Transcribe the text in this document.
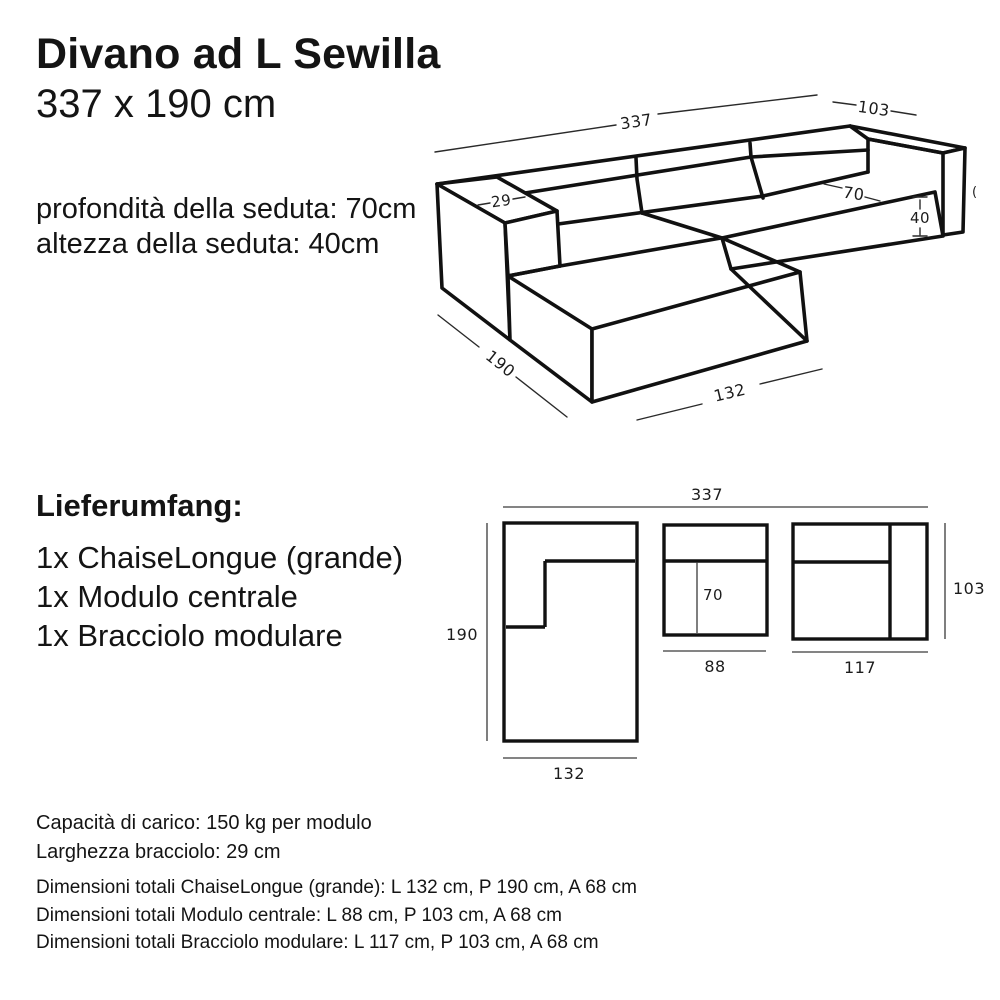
Divano ad L Sewilla
337 x 190 cm
profondità della seduta: 70cm
altezza della seduta: 40cm
Lieferumfang:
1x ChaiseLongue (grande)
1x Modulo centrale
1x Bracciolo modulare
Capacità di carico: 150 kg per modulo
Larghezza bracciolo: 29 cm
Dimensioni totali ChaiseLongue (grande): L 132 cm, P 190 cm, A 68 cm
Dimensioni totali Modulo centrale: L 88 cm, P 103 cm, A 68 cm
Dimensioni totali Bracciolo modulare: L 117 cm, P 103 cm, A 68 cm
337
103
29	70
40
190
132
(
337
190
132
70
88	117
103
